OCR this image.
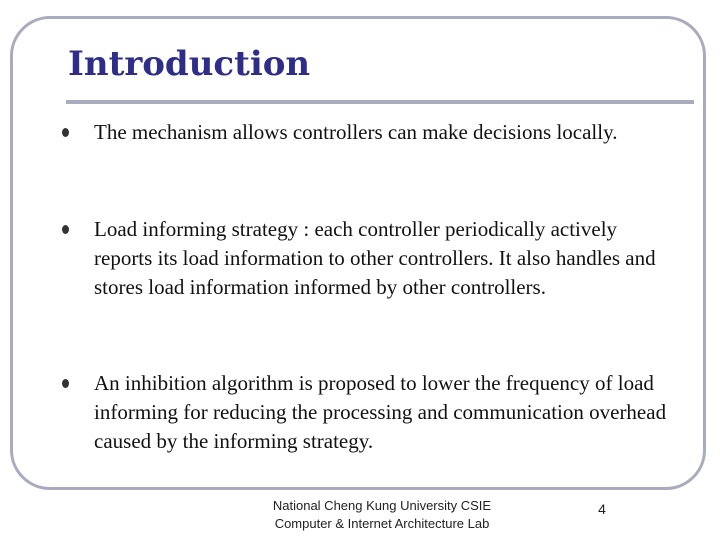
Introduction
The mechanism allows controllers can make decisions locally.
Load informing strategy : each controller periodically actively reports its load information to other controllers. It also handles and stores load information informed by other controllers.
An inhibition algorithm is proposed to lower the frequency of load informing for reducing the processing and communication overhead caused by the informing strategy.
National Cheng Kung University CSIE
Computer & Internet Architecture Lab
4
